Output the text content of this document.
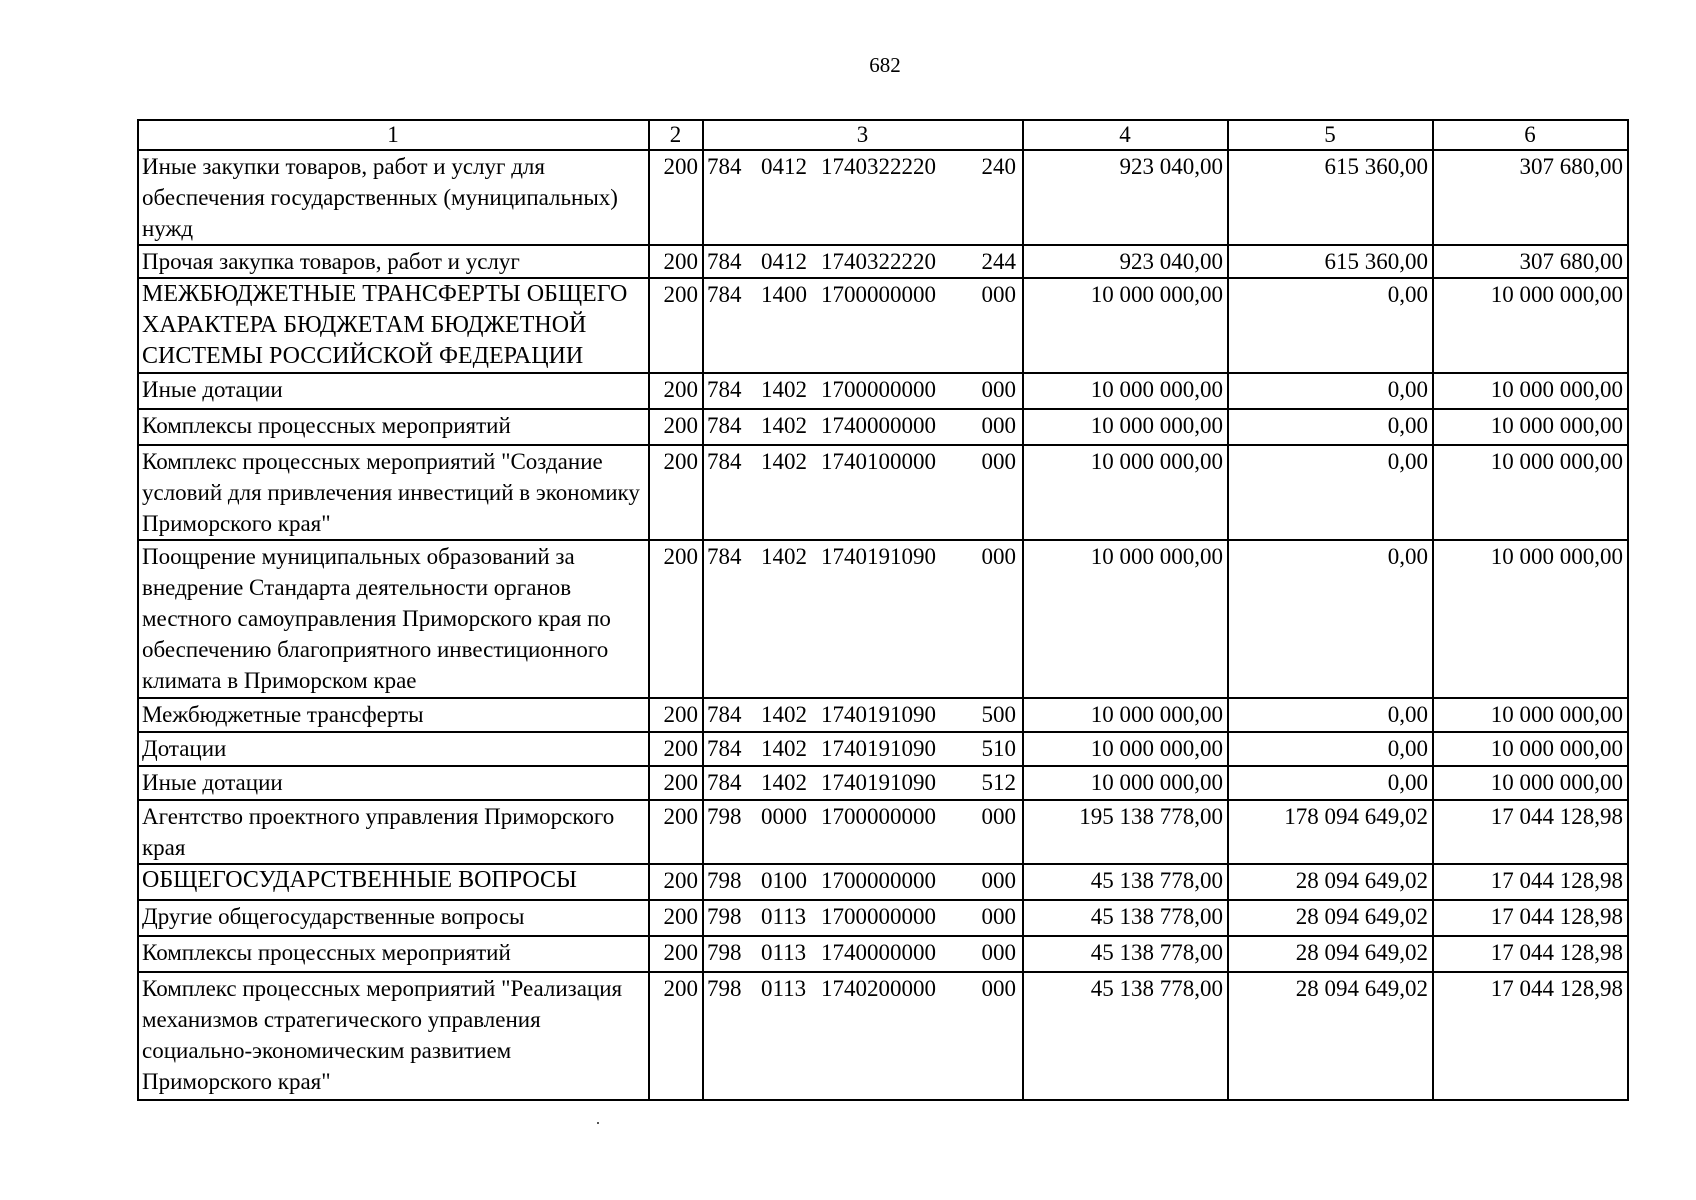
682
1	2	3	4	5	6
Иные закупки товаров, работ и услуг для обеспечения государственных (муниципальных) нужд	200	784 0412 1740322220 240	923 040,00	615 360,00	307 680,00
Прочая закупка товаров, работ и услуг	200	784 0412 1740322220 244	923 040,00	615 360,00	307 680,00
МЕЖБЮДЖЕТНЫЕ ТРАНСФЕРТЫ ОБЩЕГО ХАРАКТЕРА БЮДЖЕТАМ БЮДЖЕТНОЙ СИСТЕМЫ РОССИЙСКОЙ ФЕДЕРАЦИИ	200	784 1400 1700000000 000	10 000 000,00	0,00	10 000 000,00
Иные дотации	200	784 1402 1700000000 000	10 000 000,00	0,00	10 000 000,00
Комплексы процессных мероприятий	200	784 1402 1740000000 000	10 000 000,00	0,00	10 000 000,00
Комплекс процессных мероприятий "Создание условий для привлечения инвестиций в экономику Приморского края"	200	784 1402 1740100000 000	10 000 000,00	0,00	10 000 000,00
Поощрение муниципальных образований за внедрение Стандарта деятельности органов местного самоуправления Приморского края по обеспечению благоприятного инвестиционного климата в Приморском крае	200	784 1402 1740191090 000	10 000 000,00	0,00	10 000 000,00
Межбюджетные трансферты	200	784 1402 1740191090 500	10 000 000,00	0,00	10 000 000,00
Дотации	200	784 1402 1740191090 510	10 000 000,00	0,00	10 000 000,00
Иные дотации	200	784 1402 1740191090 512	10 000 000,00	0,00	10 000 000,00
Агентство проектного управления Приморского края	200	798 0000 1700000000 000	195 138 778,00	178 094 649,02	17 044 128,98
ОБЩЕГОСУДАРСТВЕННЫЕ ВОПРОСЫ	200	798 0100 1700000000 000	45 138 778,00	28 094 649,02	17 044 128,98
Другие общегосударственные вопросы	200	798 0113 1700000000 000	45 138 778,00	28 094 649,02	17 044 128,98
Комплексы процессных мероприятий	200	798 0113 1740000000 000	45 138 778,00	28 094 649,02	17 044 128,98
Комплекс процессных мероприятий "Реализация механизмов стратегического управления социально-экономическим развитием Приморского края"	200	798 0113 1740200000 000	45 138 778,00	28 094 649,02	17 044 128,98
